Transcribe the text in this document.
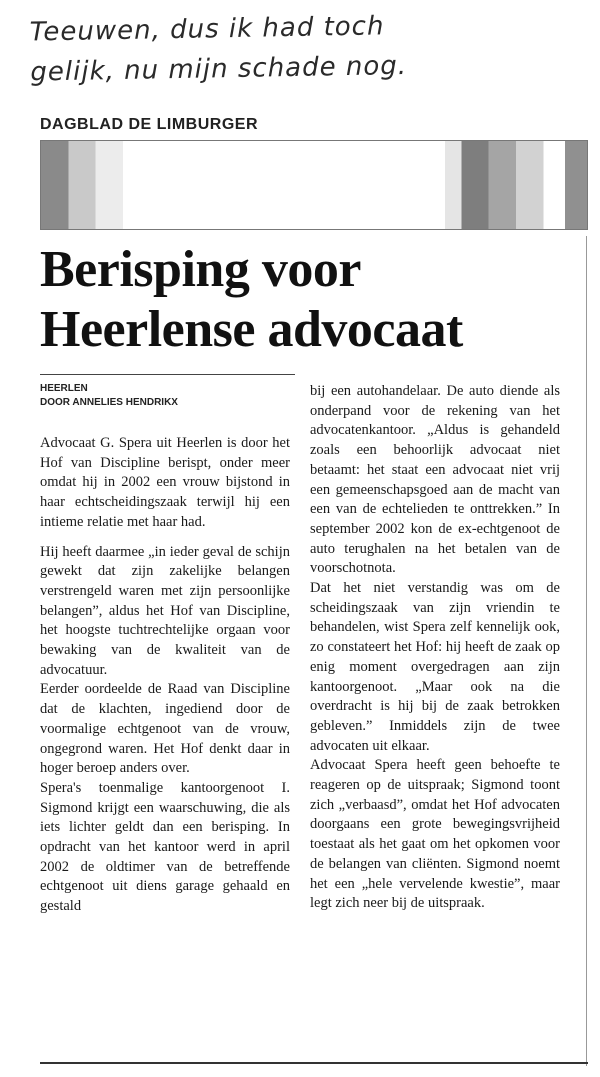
Teeuwen, dus ik had toch
gelijk, nu mijn schade nog.
DAGBLAD DE LIMBURGER
Berisping voor
Heerlense advocaat
HEERLEN
DOOR ANNELIES HENDRIKX

Advocaat G. Spera uit Heerlen is door het Hof van Discipline berispt, onder meer omdat hij in 2002 een vrouw bijstond in haar echtscheidingszaak terwijl hij een intieme relatie met haar had.

Hij heeft daarmee „in ieder geval de schijn gewekt dat zijn zakelijke belangen verstrengeld waren met zijn persoonlijke belangen”, aldus het Hof van Discipline, het hoogste tuchtrechtelijke orgaan voor bewaking van de kwaliteit van de advocatuur.

Eerder oordeelde de Raad van Discipline dat de klachten, ingediend door de voormalige echtgenoot van de vrouw, ongegrond waren. Het Hof denkt daar in hoger beroep anders over.

Spera's toenmalige kantoorgenoot I. Sigmond krijgt een waarschuwing, die als iets lichter geldt dan een berisping. In opdracht van het kantoor werd in april 2002 de oldtimer van de betreffende echtgenoot uit diens garage gehaald en gestald

bij een autohandelaar. De auto diende als onderpand voor de rekening van het advocatenkantoor. „Aldus is gehandeld zoals een behoorlijk advocaat niet betaamt: het staat een advocaat niet vrij een gemeenschapsgoed aan de macht van een van de echtelieden te onttrekken.” In september 2002 kon de ex-echtgenoot de auto terughalen na het betalen van de voorschotnota.

Dat het niet verstandig was om de scheidingszaak van zijn vriendin te behandelen, wist Spera zelf kennelijk ook, zo constateert het Hof: hij heeft de zaak op enig moment overgedragen aan zijn kantoorgenoot. „Maar ook na die overdracht is hij bij de zaak betrokken gebleven.” Inmiddels zijn de twee advocaten uit elkaar.

Advocaat Spera heeft geen behoefte te reageren op de uitspraak; Sigmond toont zich „verbaasd”, omdat het Hof advocaten doorgaans een grote bewegingsvrijheid toestaat als het gaat om het opkomen voor de belangen van cliënten. Sigmond noemt het een „hele vervelende kwestie”, maar legt zich neer bij de uitspraak.
